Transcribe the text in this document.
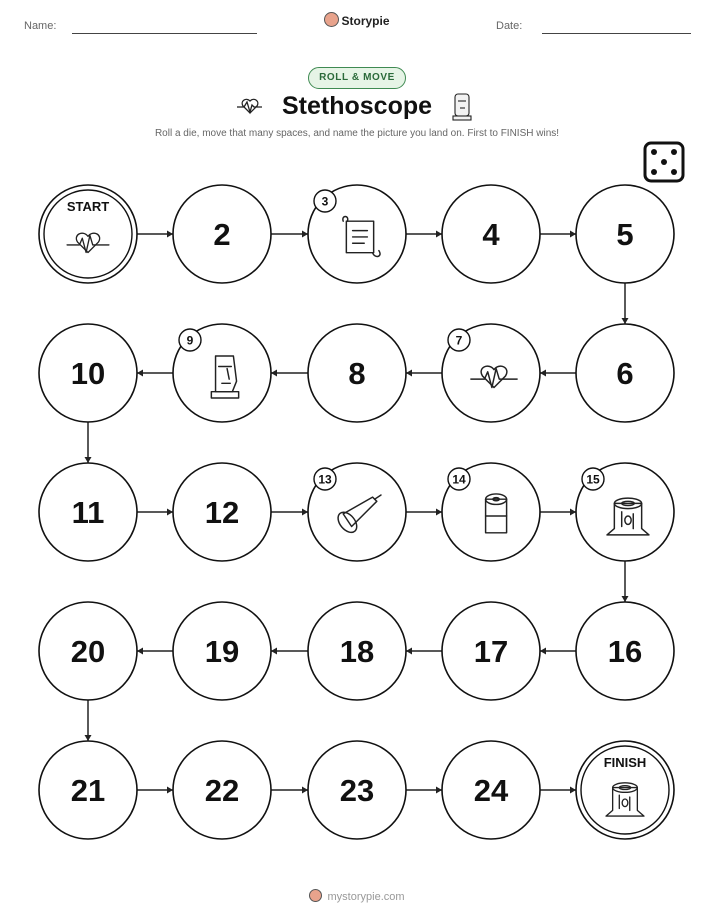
Name:	Storypie	Date:
ROLL & MOVE
Stethoscope
Roll a die, move that many spaces, and name the picture you land on. First to FINISH wins!
START
2
3
4	5
6
7
8
9
10
11	12
13	14	15
16
17
18
19
20
21	22	23	24
FINISH
mystorypie.com
